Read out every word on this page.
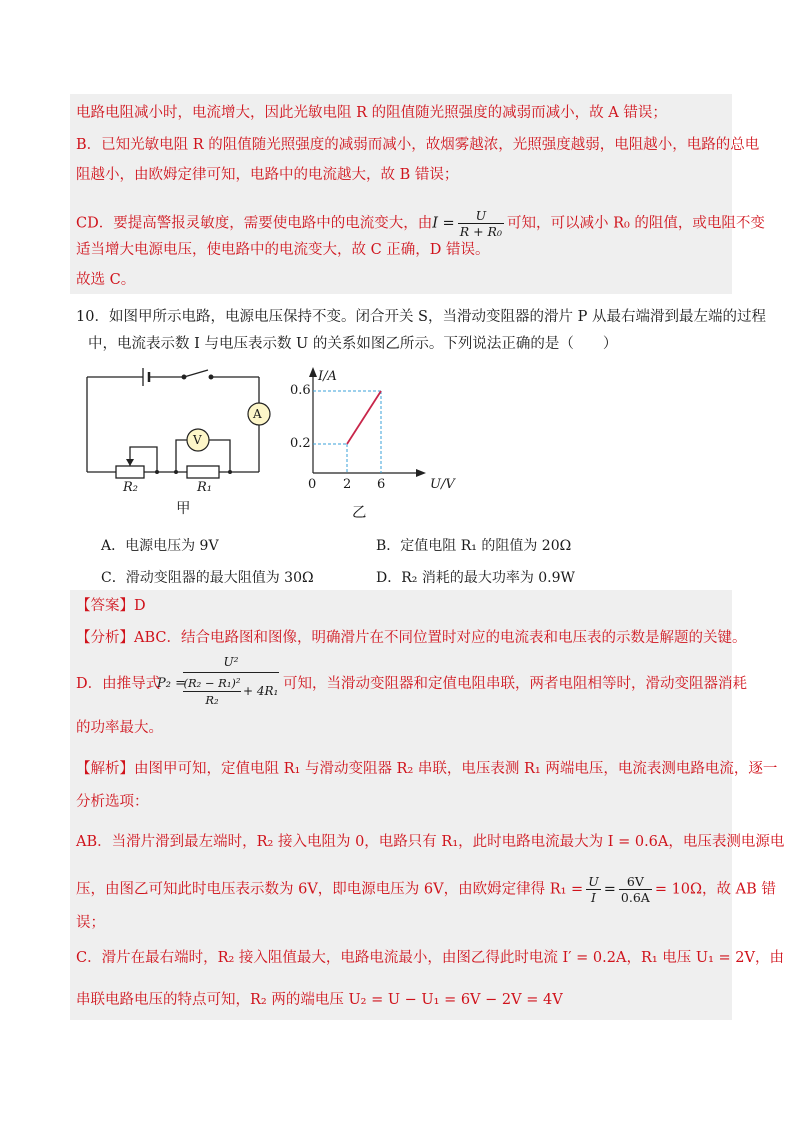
电路电阻减小时，电流增大，因此光敏电阻 R 的阻值随光照强度的减弱而减小，故 A 错误；
B．已知光敏电阻 R 的阻值随光照强度的减弱而减小，故烟雾越浓，光照强度越弱，电阻越小，电路的总电
阻越小，由欧姆定律可知，电路中的电流越大，故 B 错误；
CD．要提高警报灵敏度，需要使电路中的电流变大，由$I = \frac{U}{\text{R + R₀}}$ 可知，可以减小 R₀ 的阻值，或电阻不变
适当增大电源电压，使电路中的电流变大，故 C 正确，D 错误。
故选 C。
10．如图甲所示电路，电源电压保持不变。闭合开关 S，当滑动变阻器的滑片 P 从最右端滑到最左端的过程
中，电流表示数 I 与电压表示数 U 的关系如图乙所示。下列说法正确的是（　　）
A
V
R₂	R₁
甲
I/A
0.6
0.2
0 2 6	U/V
乙
A．电源电压为 9V	B．定值电阻 R₁ 的阻值为 20Ω
C．滑动变阻器的最大阻值为 30Ω	D．R₂ 消耗的最大功率为 0.9W
【答案】D
【分析】ABC．结合电路图和图像，明确滑片在不同位置时对应的电流表和电压表的示数是解题的关键。
D．由推导式
P₂ =
U²
(R₂ − R₁)²
R₂
+ 4R₁ 可知，当滑动变阻器和定值电阻串联，两者电阻相等时，滑动变阻器消耗
的功率最大。
【解析】由图甲可知，定值电阻 R₁ 与滑动变阻器 R₂ 串联，电压表测 R₁ 两端电压，电流表测电路电流，逐一
分析选项：
AB．当滑片滑到最左端时，R₂ 接入电阻为 0，电路只有 R₁，此时电路电流最大为 I = 0.6A，电压表测电源电
压，由图乙可知此时电压表示数为 6V，即电源电压为 6V，由欧姆定律得 $R_1 = \frac{U}{I} = \frac{6V}{0.6A} = 10\Omega$，故 AB 错
误；
C．滑片在最右端时，R₂ 接入阻值最大，电路电流最小，由图乙得此时电流 I′ = 0.2A，R₁ 电压 U₁ = 2V，由
串联电路电压的特点可知，R₂ 两的端电压 U₂ = U − U₁ = 6V − 2V = 4V
